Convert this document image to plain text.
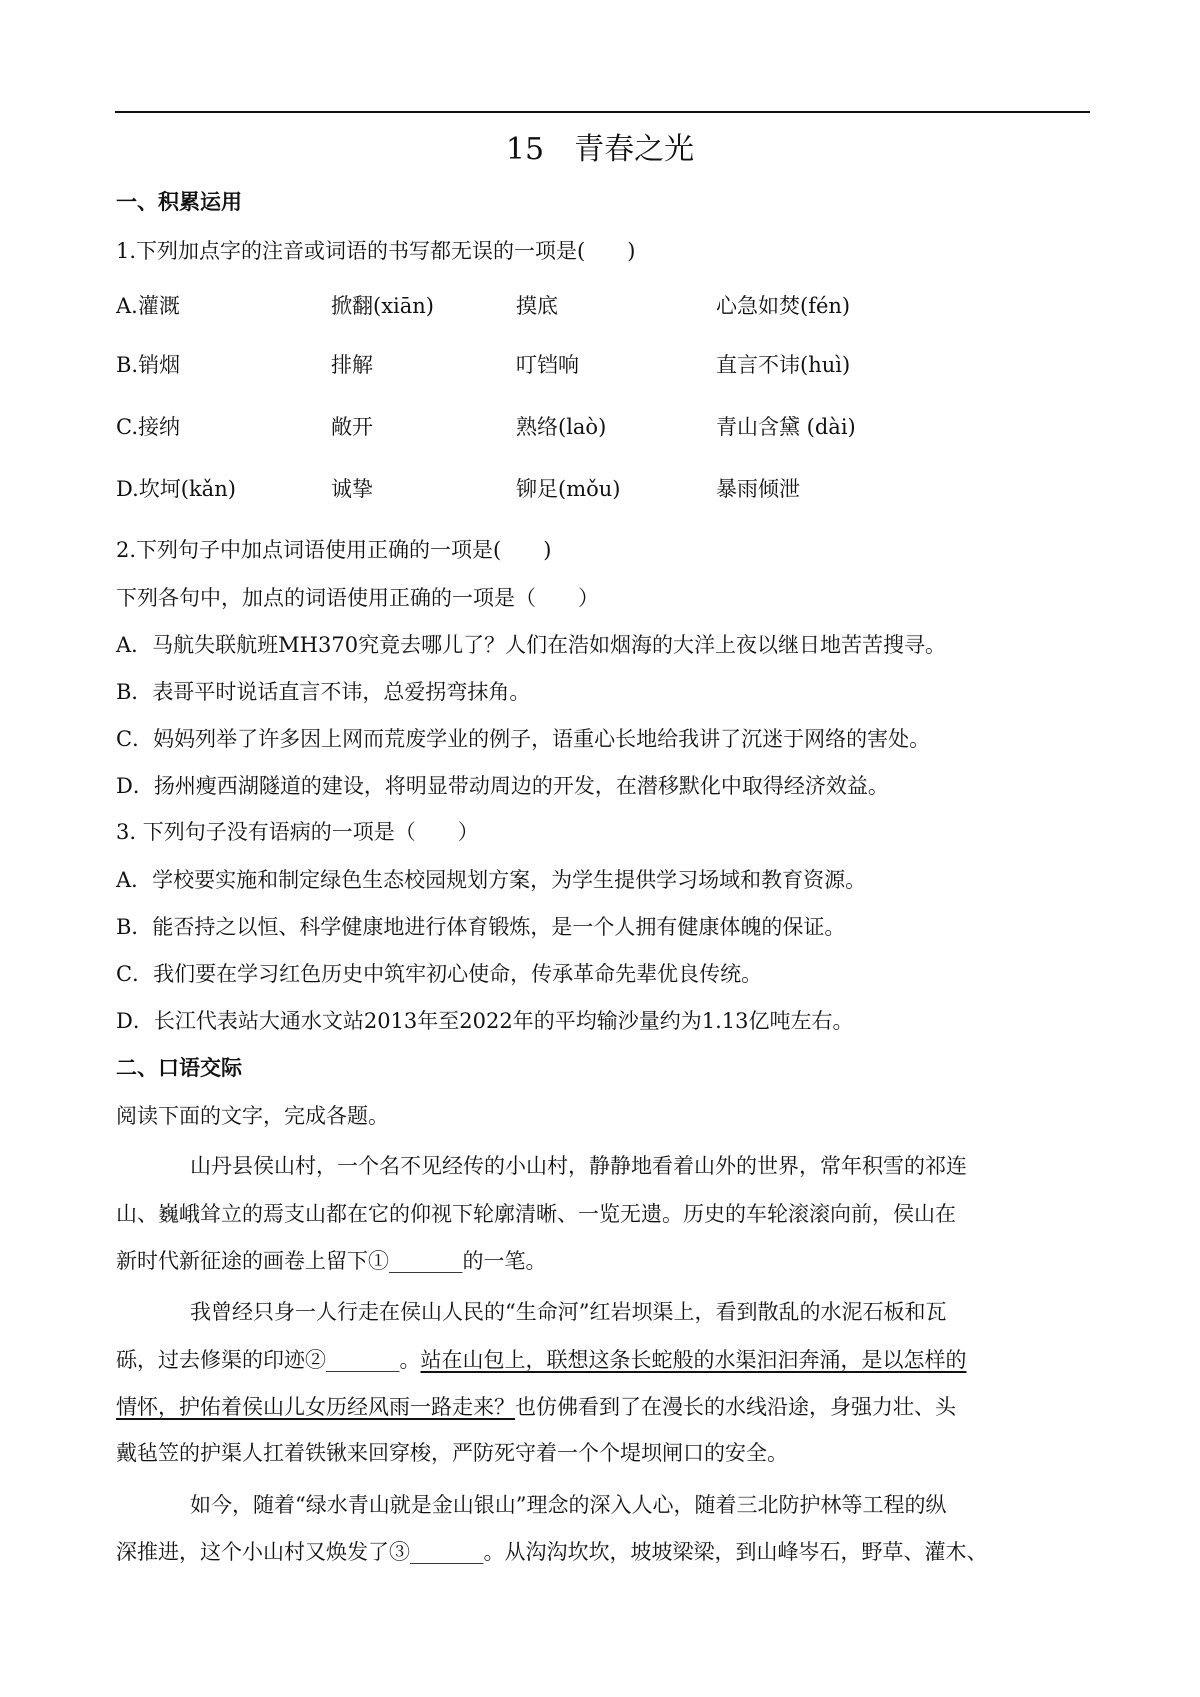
15　青春之光
一、积累运用
1.下列加点字的注音或词语的书写都无误的一项是(　　)
A.灌溉	掀翻(xiān)	摸底	心急如焚(fén)
B.销烟	排解	叮铛响	直言不讳(huì)
C.接纳	敞开	熟络(laò)	青山含黛 (dài)
D.坎坷(kǎn)	诚挚	铆足(mǒu)	暴雨倾泄
2.下列句子中加点词语使用正确的一项是(　　)
下列各句中，加点的词语使用正确的一项是（　　）
A．马航失联航班MH370究竟去哪儿了？人们在浩如烟海的大洋上夜以继日地苦苦搜寻。
B．表哥平时说话直言不讳，总爱拐弯抹角。
C．妈妈列举了许多因上网而荒废学业的例子，语重心长地给我讲了沉迷于网络的害处。
D．扬州瘦西湖隧道的建设，将明显带动周边的开发，在潜移默化中取得经济效益。
3. 下列句子没有语病的一项是（　　）
A．学校要实施和制定绿色生态校园规划方案，为学生提供学习场域和教育资源。
B．能否持之以恒、科学健康地进行体育锻炼，是一个人拥有健康体魄的保证。
C．我们要在学习红色历史中筑牢初心使命，传承革命先辈优良传统。
D．长江代表站大通水文站2013年至2022年的平均输沙量约为1.13亿吨左右。
二、口语交际
阅读下面的文字，完成各题。
山丹县侯山村，一个名不见经传的小山村，静静地看着山外的世界，常年积雪的祁连
山、巍峨耸立的焉支山都在它的仰视下轮廓清晰、一览无遗。历史的车轮滚滚向前，侯山在
新时代新征途的画卷上留下①_______的一笔。
我曾经只身一人行走在侯山人民的“生命河”红岩坝渠上，看到散乱的水泥石板和瓦
砾，过去修渠的印迹②_______。站在山包上，联想这条长蛇般的水渠汩汩奔涌，是以怎样的
情怀，护佑着侯山儿女历经风雨一路走来？也仿佛看到了在漫长的水线沿途，身强力壮、头
戴毡笠的护渠人扛着铁锹来回穿梭，严防死守着一个个堤坝闸口的安全。
如今，随着“绿水青山就是金山银山”理念的深入人心，随着三北防护林等工程的纵
深推进，这个小山村又焕发了③_______。从沟沟坎坎，坡坡梁梁，到山峰岑石，野草、灌木、
